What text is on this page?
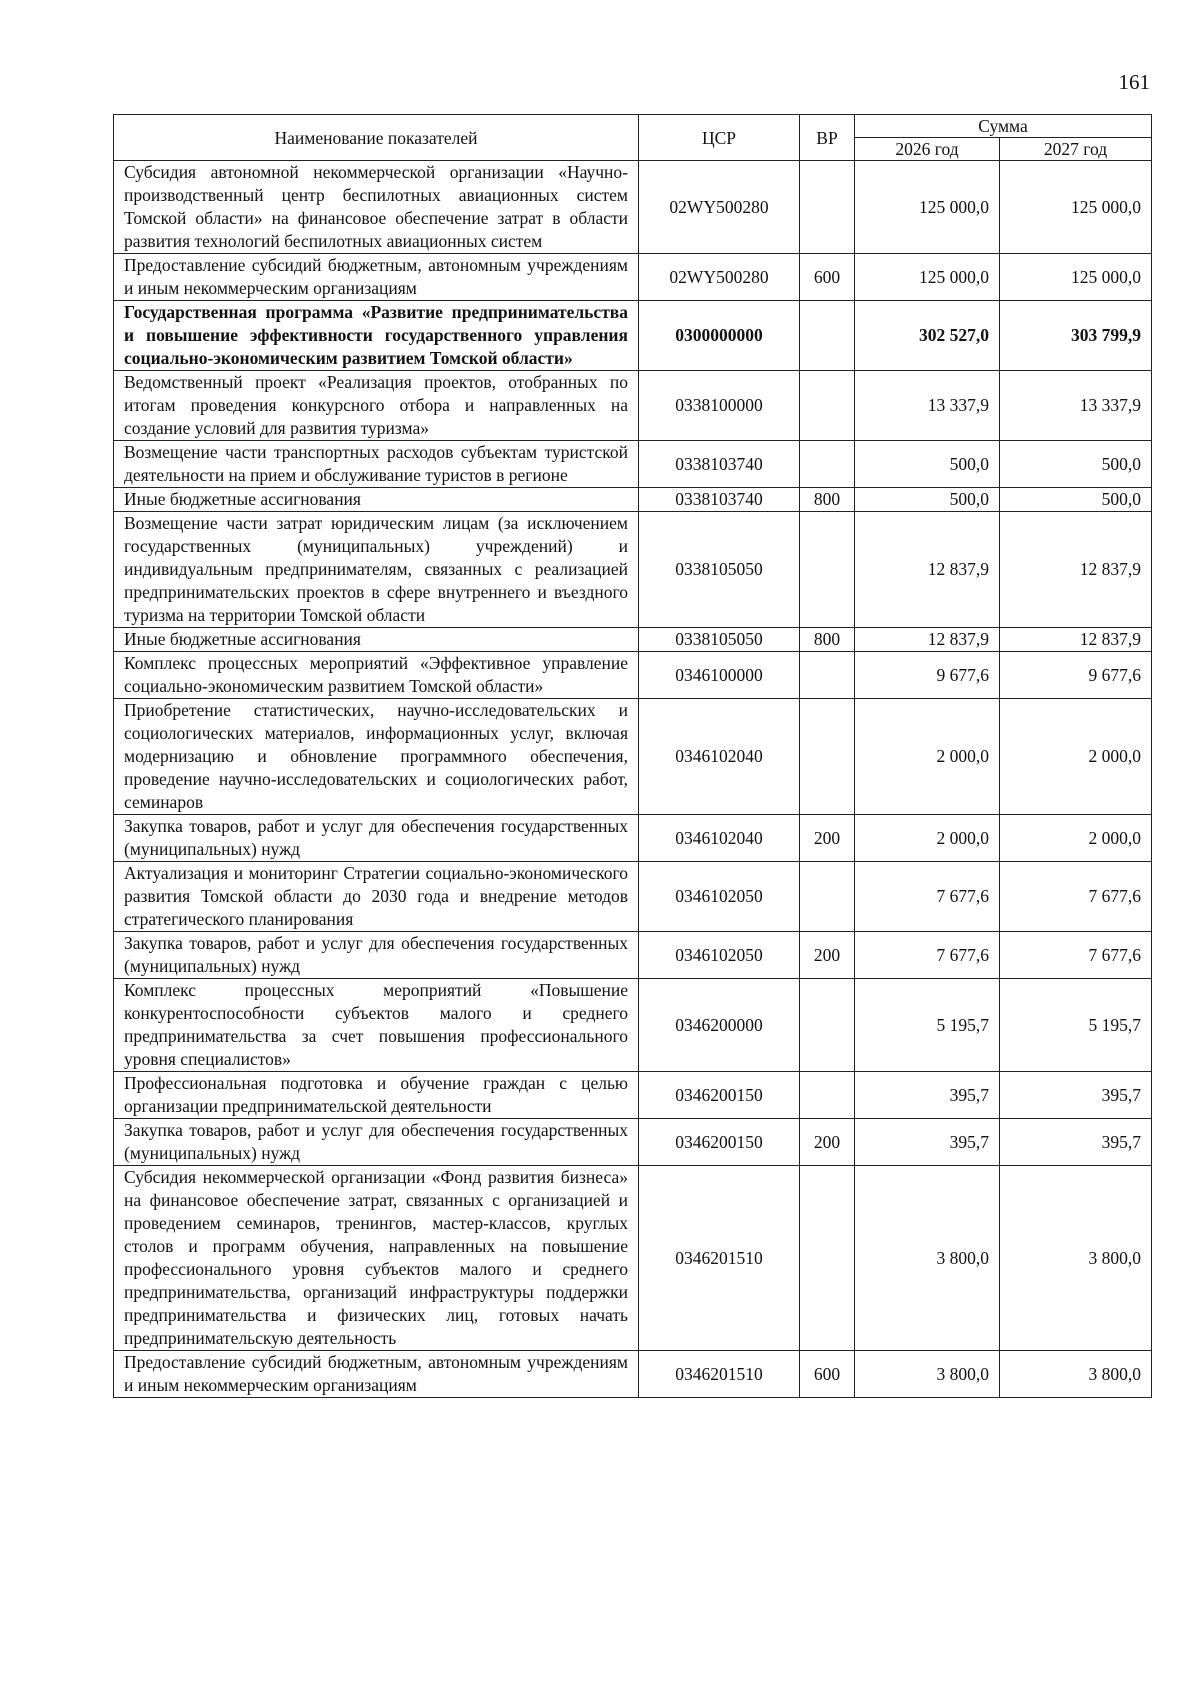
161
Наименование показателей	ЦСР	ВР	Сумма	
			2026 год	2027 год
Субсидия автономной некоммерческой организации «Научно-производственный центр беспилотных авиационных систем Томской области» на финансовое обеспечение затрат в области развития технологий беспилотных авиационных систем	02WY500280		125 000,0	125 000,0
Предоставление субсидий бюджетным, автономным учреждениям и иным некоммерческим организациям	02WY500280	600	125 000,0	125 000,0
Государственная программа «Развитие предпринимательства и повышение эффективности государственного управления социально-экономическим развитием Томской области»	0300000000		302 527,0	303 799,9
Ведомственный проект «Реализация проектов, отобранных по итогам проведения конкурсного отбора и направленных на создание условий для развития туризма»	0338100000		13 337,9	13 337,9
Возмещение части транспортных расходов субъектам туристской деятельности на прием и обслуживание туристов в регионе	0338103740		500,0	500,0
Иные бюджетные ассигнования	0338103740	800	500,0	500,0
Возмещение части затрат юридическим лицам (за исключением государственных (муниципальных) учреждений) и индивидуальным предпринимателям, связанных с реализацией предпринимательских проектов в сфере внутреннего и въездного туризма на территории Томской области	0338105050		12 837,9	12 837,9
Иные бюджетные ассигнования	0338105050	800	12 837,9	12 837,9
Комплекс процессных мероприятий «Эффективное управление социально-экономическим развитием Томской области»	0346100000		9 677,6	9 677,6
Приобретение статистических, научно-исследовательских и социологических материалов, информационных услуг, включая модернизацию и обновление программного обеспечения, проведение научно-исследовательских и социологических работ, семинаров	0346102040		2 000,0	2 000,0
Закупка товаров, работ и услуг для обеспечения государственных (муниципальных) нужд	0346102040	200	2 000,0	2 000,0
Актуализация и мониторинг Стратегии социально-экономического развития Томской области до 2030 года и внедрение методов стратегического планирования	0346102050		7 677,6	7 677,6
Закупка товаров, работ и услуг для обеспечения государственных (муниципальных) нужд	0346102050	200	7 677,6	7 677,6
Комплекс процессных мероприятий «Повышение конкурентоспособности субъектов малого и среднего предпринимательства за счет повышения профессионального уровня специалистов»	0346200000		5 195,7	5 195,7
Профессиональная подготовка и обучение граждан с целью организации предпринимательской деятельности	0346200150		395,7	395,7
Закупка товаров, работ и услуг для обеспечения государственных (муниципальных) нужд	0346200150	200	395,7	395,7
Субсидия некоммерческой организации «Фонд развития бизнеса» на финансовое обеспечение затрат, связанных с организацией и проведением семинаров, тренингов, мастер-классов, круглых столов и программ обучения, направленных на повышение профессионального уровня субъектов малого и среднего предпринимательства, организаций инфраструктуры поддержки предпринимательства и физических лиц, готовых начать предпринимательскую деятельность	0346201510		3 800,0	3 800,0
Предоставление субсидий бюджетным, автономным учреждениям и иным некоммерческим организациям	0346201510	600	3 800,0	3 800,0
